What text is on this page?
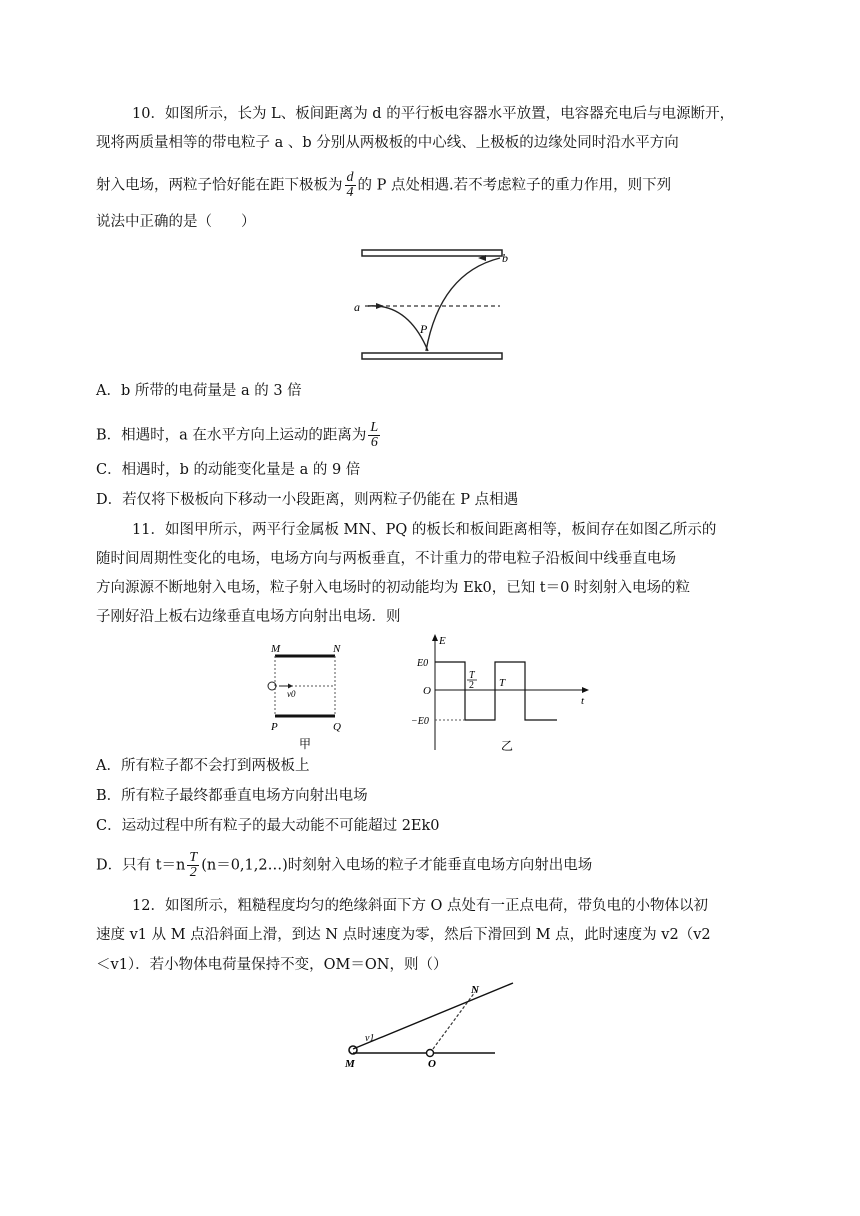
10．如图所示，长为 L、板间距离为 d 的平行板电容器水平放置，电容器充电后与电源断开，
现将两质量相等的带电粒子 a 、b 分别从两极板的中心线、上极板的边缘处同时沿水平方向
射入电场，两粒子恰好能在距下极板为 $\frac{d}{4}$ 的 P 点处相遇.若不考虑粒子的重力作用，则下列
说法中正确的是（　　）
a
b
P
A．b 所带的电荷量是 a 的 3 倍
B．相遇时，a 在水平方向上运动的距离为 $\frac{L}{6}$
C．相遇时，b 的动能变化量是 a 的 9 倍
D．若仅将下极板向下移动一小段距离，则两粒子仍能在 P 点相遇
11．如图甲所示，两平行金属板 MN、PQ 的板长和板间距离相等，板间存在如图乙所示的
随时间周期性变化的电场，电场方向与两板垂直，不计重力的带电粒子沿板间中线垂直电场
方向源源不断地射入电场，粒子射入电场时的初动能均为 Ek0，已知 t＝0 时刻射入电场的粒
子刚好沿上板右边缘垂直电场方向射出电场．则
M	N
P	Q
v0
甲
E
E0
O
−E0
T
2 T
t
乙
A．所有粒子都不会打到两极板上
B．所有粒子最终都垂直电场方向射出电场
C．运动过程中所有粒子的最大动能不可能超过 2Ek0
D．只有 $t=n \frac{T}{2}$ (n＝0,1,2…)时刻射入电场的粒子才能垂直电场方向射出电场
12．如图所示，粗糙程度均匀的绝缘斜面下方 O 点处有一正点电荷，带负电的小物体以初
速度 v1 从 M 点沿斜面上滑，到达 N 点时速度为零，然后下滑回到 M 点，此时速度为 v2（v2
＜v1）．若小物体电荷量保持不变，OM＝ON，则（）
v1
M	O
N
